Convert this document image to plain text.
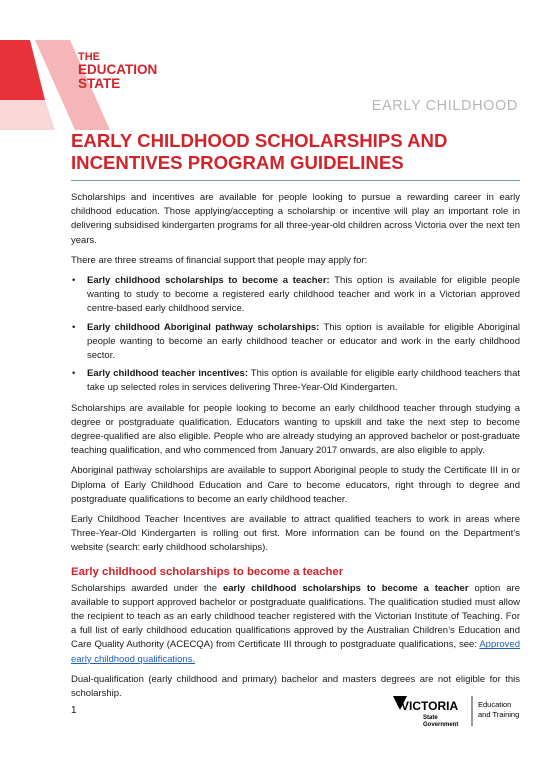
THE
EDUCATION
STATE
EARLY CHILDHOOD
EARLY CHILDHOOD SCHOLARSHIPS AND
INCENTIVES PROGRAM GUIDELINES

Scholarships and incentives are available for people looking to pursue a rewarding career in early childhood education. Those applying/accepting a scholarship or incentive will play an important role in delivering subsidised kindergarten programs for all three-year-old children across Victoria over the next ten years.

There are three streams of financial support that people may apply for:

• Early childhood scholarships to become a teacher: This option is available for eligible people wanting to study to become a registered early childhood teacher and work in a Victorian approved centre-based early childhood service.
• Early childhood Aboriginal pathway scholarships: This option is available for eligible Aboriginal people wanting to become an early childhood teacher or educator and work in the early childhood sector.
• Early childhood teacher incentives: This option is available for eligible early childhood teachers that take up selected roles in services delivering Three-Year-Old Kindergarten.

Scholarships are available for people looking to become an early childhood teacher through studying a degree or postgraduate qualification. Educators wanting to upskill and take the next step to become degree-qualified are also eligible. People who are already studying an approved bachelor or post-graduate teaching qualification, and who commenced from January 2017 onwards, are also eligible to apply.

Aboriginal pathway scholarships are available to support Aboriginal people to study the Certificate III in or Diploma of Early Childhood Education and Care to become educators, right through to degree and postgraduate qualifications to become an early childhood teacher.

Early Childhood Teacher Incentives are available to attract qualified teachers to work in areas where Three-Year-Old Kindergarten is rolling out first. More information can be found on the Department’s website (search: early childhood scholarships).

Early childhood scholarships to become a teacher

Scholarships awarded under the early childhood scholarships to become a teacher option are available to support approved bachelor or postgraduate qualifications. The qualification studied must allow the recipient to teach as an early childhood teacher registered with the Victorian Institute of Teaching. For a full list of early childhood education qualifications approved by the Australian Children’s Education and Care Quality Authority (ACECQA) from Certificate III through to postgraduate qualifications, see: Approved early childhood qualifications.

Dual-qualification (early childhood and primary) bachelor and masters degrees are not eligible for this scholarship.

1	VICTORIA
State
Government
Education
and Training
